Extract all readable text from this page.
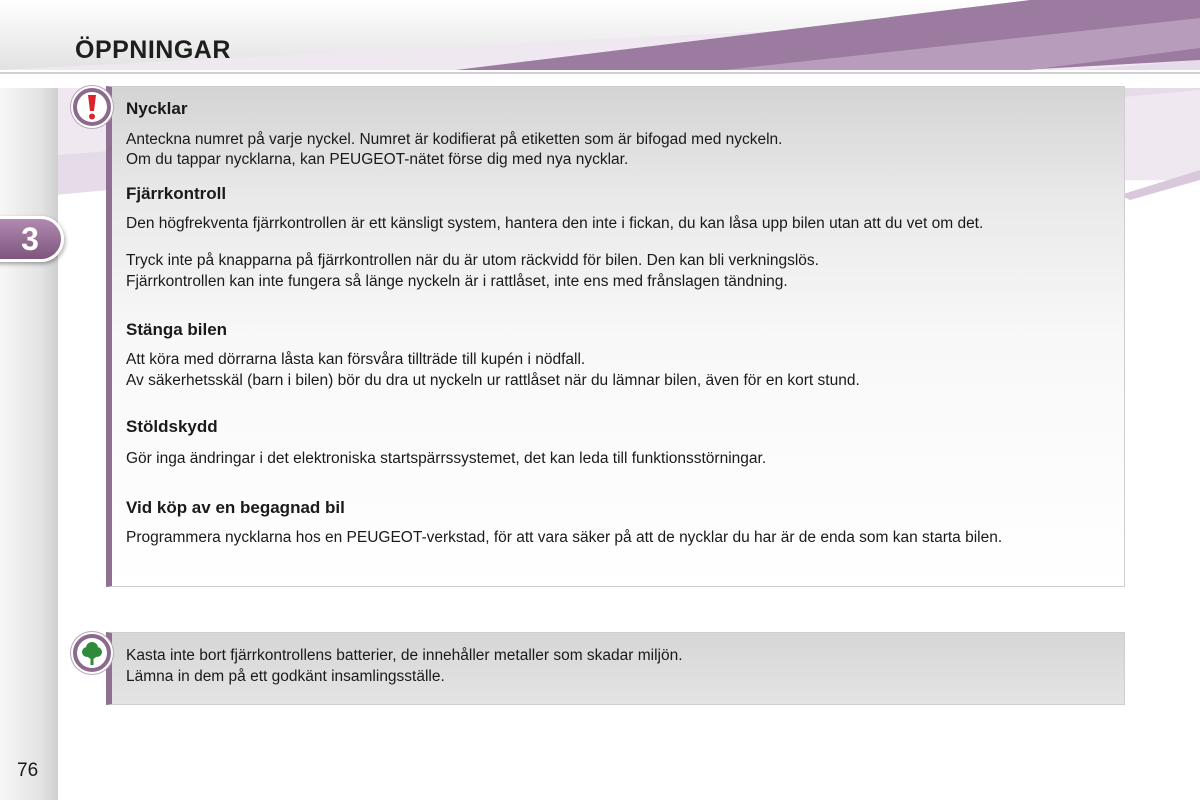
ÖPPNINGAR
3
Nycklar

Anteckna numret på varje nyckel. Numret är kodifierat på etiketten som är bifogad med nyckeln.

Om du tappar nycklarna, kan PEUGEOT-nätet förse dig med nya nycklar.

Fjärrkontroll

Den högfrekventa fjärrkontrollen är ett känsligt system, hantera den inte i fickan, du kan låsa upp bilen utan att du vet om det.

Tryck inte på knapparna på fjärrkontrollen när du är utom räckvidd för bilen. Den kan bli verkningslös.

Fjärrkontrollen kan inte fungera så länge nyckeln är i rattlåset, inte ens med frånslagen tändning.

Stänga bilen

Att köra med dörrarna låsta kan försvåra tillträde till kupén i nödfall.

Av säkerhetsskäl (barn i bilen) bör du dra ut nyckeln ur rattlåset när du lämnar bilen, även för en kort stund.

Stöldskydd

Gör inga ändringar i det elektroniska startspärrssystemet, det kan leda till funktionsstörningar.

Vid köp av en begagnad bil

Programmera nycklarna hos en PEUGEOT-verkstad, för att vara säker på att de nycklar du har är de enda som kan starta bilen.

Kasta inte bort fjärrkontrollens batterier, de innehåller metaller som skadar miljön.

Lämna in dem på ett godkänt insamlingsställe.

76
